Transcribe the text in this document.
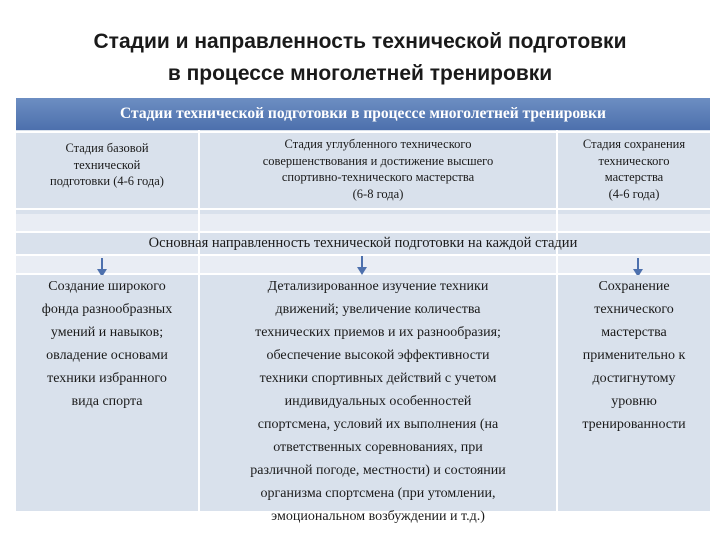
Стадии и направленность технической подготовки
в процессе многолетней тренировки
Стадии технической подготовки в процессе многолетней тренировки
Стадия базовой
технической
подготовки (4-6 года)
Стадия углубленного технического
совершенствования и достижение высшего
спортивно-технического мастерства
(6-8 года)
Стадия сохранения
технического
мастерства
(4-6 года)
Основная направленность технической подготовки на каждой стадии
Создание широкого
фонда разнообразных
умений и навыков;
овладение основами
техники избранного
вида спорта
Детализированное изучение техники
движений; увеличение количества
технических приемов и их разнообразия;
обеспечение высокой эффективности
техники спортивных действий с учетом
индивидуальных особенностей
спортсмена, условий их выполнения (на
ответственных соревнованиях, при
различной погоде, местности) и состоянии
организма спортсмена (при утомлении,
эмоциональном возбуждении и т.д.)
Сохранение
технического
мастерства
применительно к
достигнутому
уровню
тренированности
